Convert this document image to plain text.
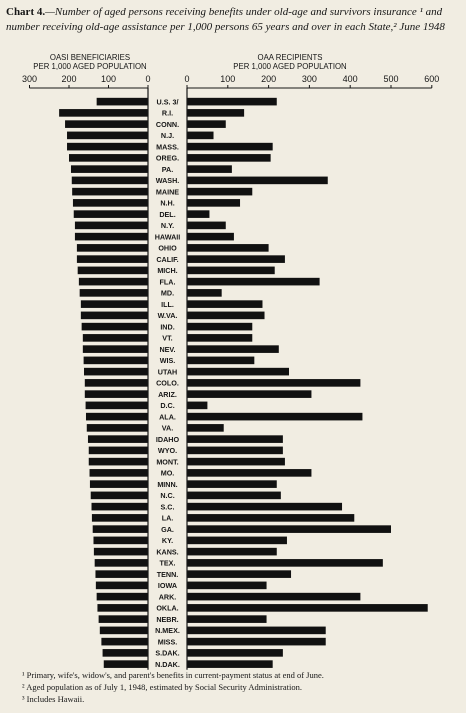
Chart 4.—Number of aged persons receiving benefits under old-age and survivors insurance ¹ and number receiving old-age assistance per 1,000 persons 65 years and over in each State,² June 1948

OASI BENEFICIARIES
PER 1,000 AGED POPULATION
OAA RECIPIENTS
PER 1,000 AGED POPULATION
300	200	100	0	0	100	200	300	400	500	600
U.S. 3/
R.I.
CONN.
N.J.
MASS.
OREG.
PA.
WASH.
MAINE
N.H.
DEL.
N.Y.
HAWAII
OHIO
CALIF.
MICH.
FLA.
MD.
ILL.
W.VA.
IND.
VT.
NEV.
WIS.
UTAH
COLO.
ARIZ.
D.C.
ALA.
VA.
IDAHO
WYO.
MONT.
MO.
MINN.
N.C.
S.C.
LA.
GA.
KY.
KANS.
TEX.
TENN.
IOWA
ARK.
OKLA.
NEBR.
N.MEX.
MISS.
S.DAK.
N.DAK.
¹ Primary, wife's, widow's, and parent's benefits in current-payment status at end of June.
² Aged population as of July 1, 1948, estimated by Social Security Administration.
³ Includes Hawaii.
